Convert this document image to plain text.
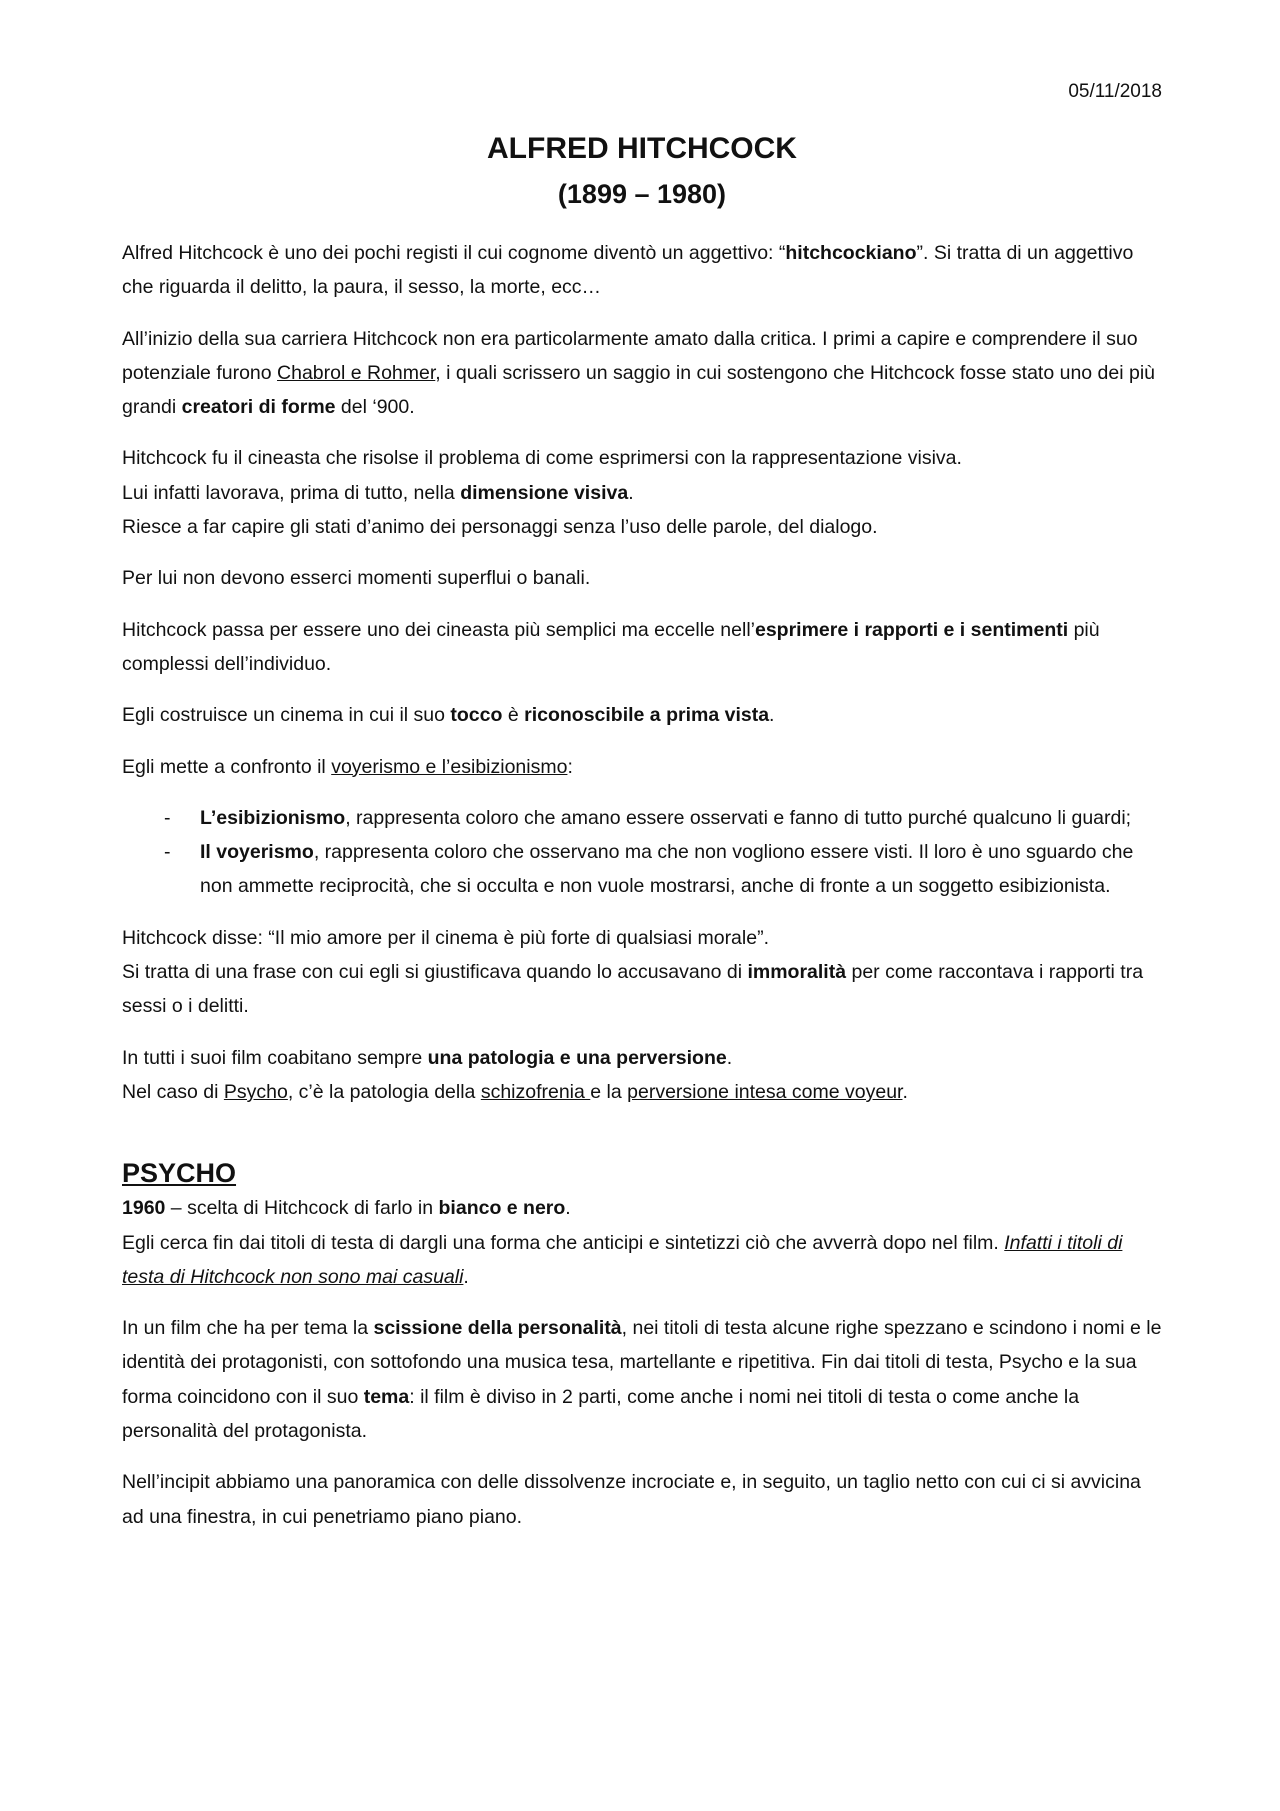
05/11/2018
ALFRED HITCHCOCK
(1899 – 1980)

Alfred Hitchcock è uno dei pochi registi il cui cognome diventò un aggettivo: “hitchcockiano”. Si tratta di un aggettivo che riguarda il delitto, la paura, il sesso, la morte, ecc…

All’inizio della sua carriera Hitchcock non era particolarmente amato dalla critica. I primi a capire e comprendere il suo potenziale furono Chabrol e Rohmer, i quali scrissero un saggio in cui sostengono che Hitchcock fosse stato uno dei più grandi creatori di forme del ‘900.

Hitchcock fu il cineasta che risolse il problema di come esprimersi con la rappresentazione visiva.
Lui infatti lavorava, prima di tutto, nella dimensione visiva.
Riesce a far capire gli stati d’animo dei personaggi senza l’uso delle parole, del dialogo.

Per lui non devono esserci momenti superflui o banali.

Hitchcock passa per essere uno dei cineasta più semplici ma eccelle nell’esprimere i rapporti e i sentimenti più complessi dell’individuo.

Egli costruisce un cinema in cui il suo tocco è riconoscibile a prima vista.

Egli mette a confronto il voyerismo e l’esibizionismo:

- L’esibizionismo, rappresenta coloro che amano essere osservati e fanno di tutto purché qualcuno li guardi;
- Il voyerismo, rappresenta coloro che osservano ma che non vogliono essere visti. Il loro è uno sguardo che non ammette reciprocità, che si occulta e non vuole mostrarsi, anche di fronte a un soggetto esibizionista.

Hitchcock disse: “Il mio amore per il cinema è più forte di qualsiasi morale”.
Si tratta di una frase con cui egli si giustificava quando lo accusavano di immoralità per come raccontava i rapporti tra sessi o i delitti.

In tutti i suoi film coabitano sempre una patologia e una perversione.
Nel caso di Psycho, c’è la patologia della schizofrenia e la perversione intesa come voyeur.

PSYCHO

1960 – scelta di Hitchcock di farlo in bianco e nero.
Egli cerca fin dai titoli di testa di dargli una forma che anticipi e sintetizzi ciò che avverrà dopo nel film. Infatti i titoli di testa di Hitchcock non sono mai casuali.

In un film che ha per tema la scissione della personalità, nei titoli di testa alcune righe spezzano e scindono i nomi e le identità dei protagonisti, con sottofondo una musica tesa, martellante e ripetitiva. Fin dai titoli di testa, Psycho e la sua forma coincidono con il suo tema: il film è diviso in 2 parti, come anche i nomi nei titoli di testa o come anche la personalità del protagonista.

Nell’incipit abbiamo una panoramica con delle dissolvenze incrociate e, in seguito, un taglio netto con cui ci si avvicina ad una finestra, in cui penetriamo piano piano.
